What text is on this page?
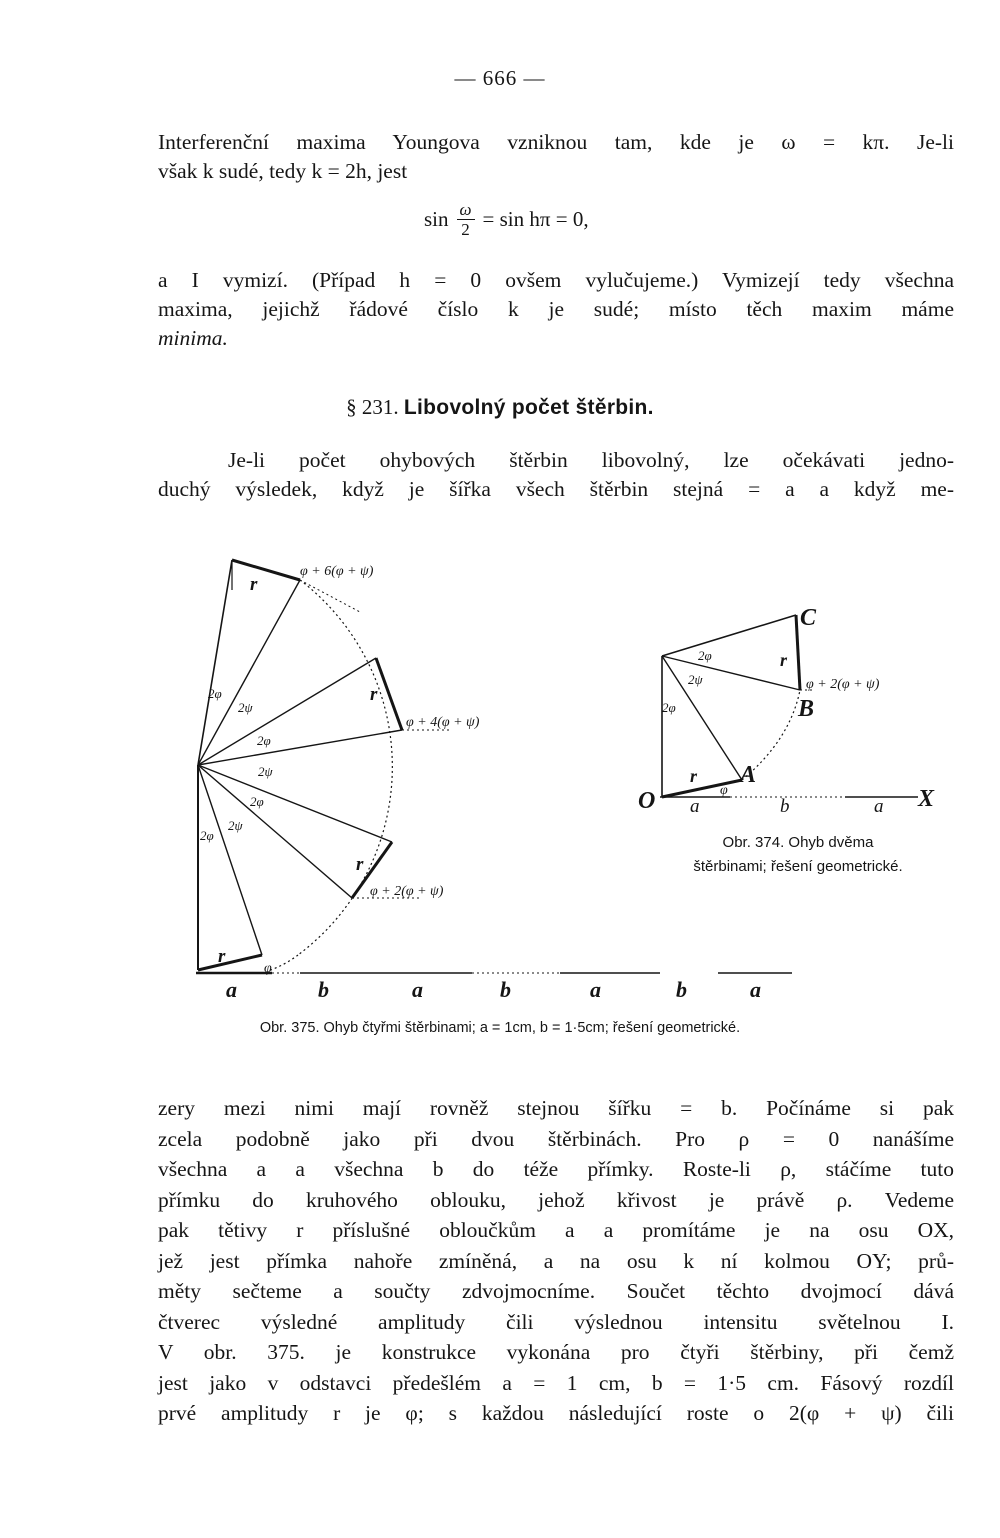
— 666 —
Interferenční maxima Youngova vzniknou tam, kde je ω = kπ. Je-li
však k sudé, tedy k = 2h, jest
$\sin \frac{\omega}{2} = \sin h\pi = 0$,
a I vymizí. (Případ h = 0 ovšem vylučujeme.) Vymizejí tedy všechna
maxima, jejichž řádové číslo k je sudé; místo těch maxim máme
minima.
§ 231. Libovolný počet štěrbin.
Je-li počet ohybových štěrbin libovolný, lze očekávati jedno-
duchý výsledek, když je šířka všech štěrbin stejná = a a když me-
φ + 6(φ + ψ)
φ + 4(φ + ψ)
φ + 2(φ + ψ)
φ
r
r
r
r
2φ
2ψ
2φ
2ψ
2φ
2φ
2ψ
a	b	a	b	a	b	a
C
B
A
O	X
φ + 2(φ + ψ)
φ
r
r
2φ
2ψ
2φ
a	b	a
Obr. 374. Ohyb dvěma
štěrbinami; řešení geometrické.
Obr. 375. Ohyb čtyřmi štěrbinami; a = 1cm, b = 1·5cm; řešení geometrické.
zery mezi nimi mají rovněž stejnou šířku = b. Počínáme si pak
zcela podobně jako při dvou štěrbinách. Pro ρ = 0 nanášíme
všechna a a všechna b do téže přímky. Roste-li ρ, stáčíme tuto
přímku do kruhového oblouku, jehož křivost je právě ρ. Vedeme
pak tětivy r příslušné obloučkům a a promítáme je na osu OX,
jež jest přímka nahoře zmíněná, a na osu k ní kolmou OY; prů-
měty sečteme a součty zdvojmocníme. Součet těchto dvojmocí dává
čtverec výsledné amplitudy čili výslednou intensitu světelnou I.
V obr. 375. je konstrukce vykonána pro čtyři štěrbiny, při čemž
jest jako v odstavci předešlém a = 1 cm, b = 1·5 cm. Fásový rozdíl
prvé amplitudy r je φ; s každou následující roste o 2(φ + ψ) čili
